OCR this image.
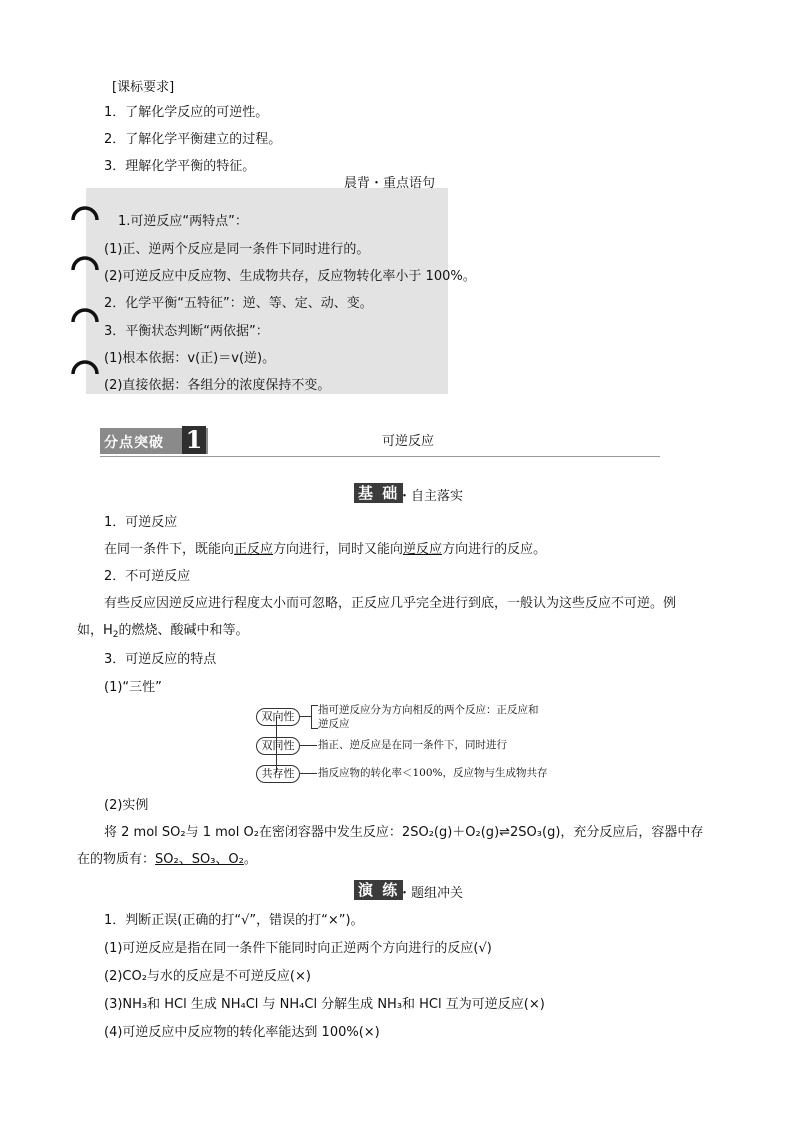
[课标要求]
1．了解化学反应的可逆性。
2．了解化学平衡建立的过程。
3．理解化学平衡的特征。
晨背・重点语句
1.可逆反应“两特点”：
(1)正、逆两个反应是同一条件下同时进行的。
(2)可逆反应中反应物、生成物共存，反应物转化率小于 100%。
2．化学平衡“五特征”：逆、等、定、动、变。
3．平衡状态判断“两依据”：
(1)根本依据：v(正)＝v(逆)。
(2)直接依据：各组分的浓度保持不变。
分点突破 1	可逆反应
基 础
・自主落实
1．可逆反应
在同一条件下，既能向正反应方向进行，同时又能向逆反应方向进行的反应。
2．不可逆反应
有些反应因逆反应进行程度太小而可忽略，正反应几乎完全进行到底，一般认为这些反应不可逆。例
如，$H_2$的燃烧、酸碱中和等。
3．可逆反应的特点
(1)“三性”
双向性	指可逆反应分为方向相反的两个反应：正反应和
逆反应
双同性	指正、逆反应是在同一条件下，同时进行
共存性	指反应物的转化率＜100%，反应物与生成物共存
(2)实例
将 2 mol SO₂与 1 mol O₂在密闭容器中发生反应：2SO₂(g)＋O₂(g)⇌2SO₃(g)，充分反应后，容器中存
在的物质有：SO₂、SO₃、O₂。
演 练
・题组冲关
1．判断正误(正确的打“√”，错误的打“×”)。
(1)可逆反应是指在同一条件下能同时向正逆两个方向进行的反应(√)
(2)CO₂与水的反应是不可逆反应(×)
(3)NH₃和 HCl 生成 NH₄Cl 与 NH₄Cl 分解生成 NH₃和 HCl 互为可逆反应(×)
(4)可逆反应中反应物的转化率能达到 100%(×)
